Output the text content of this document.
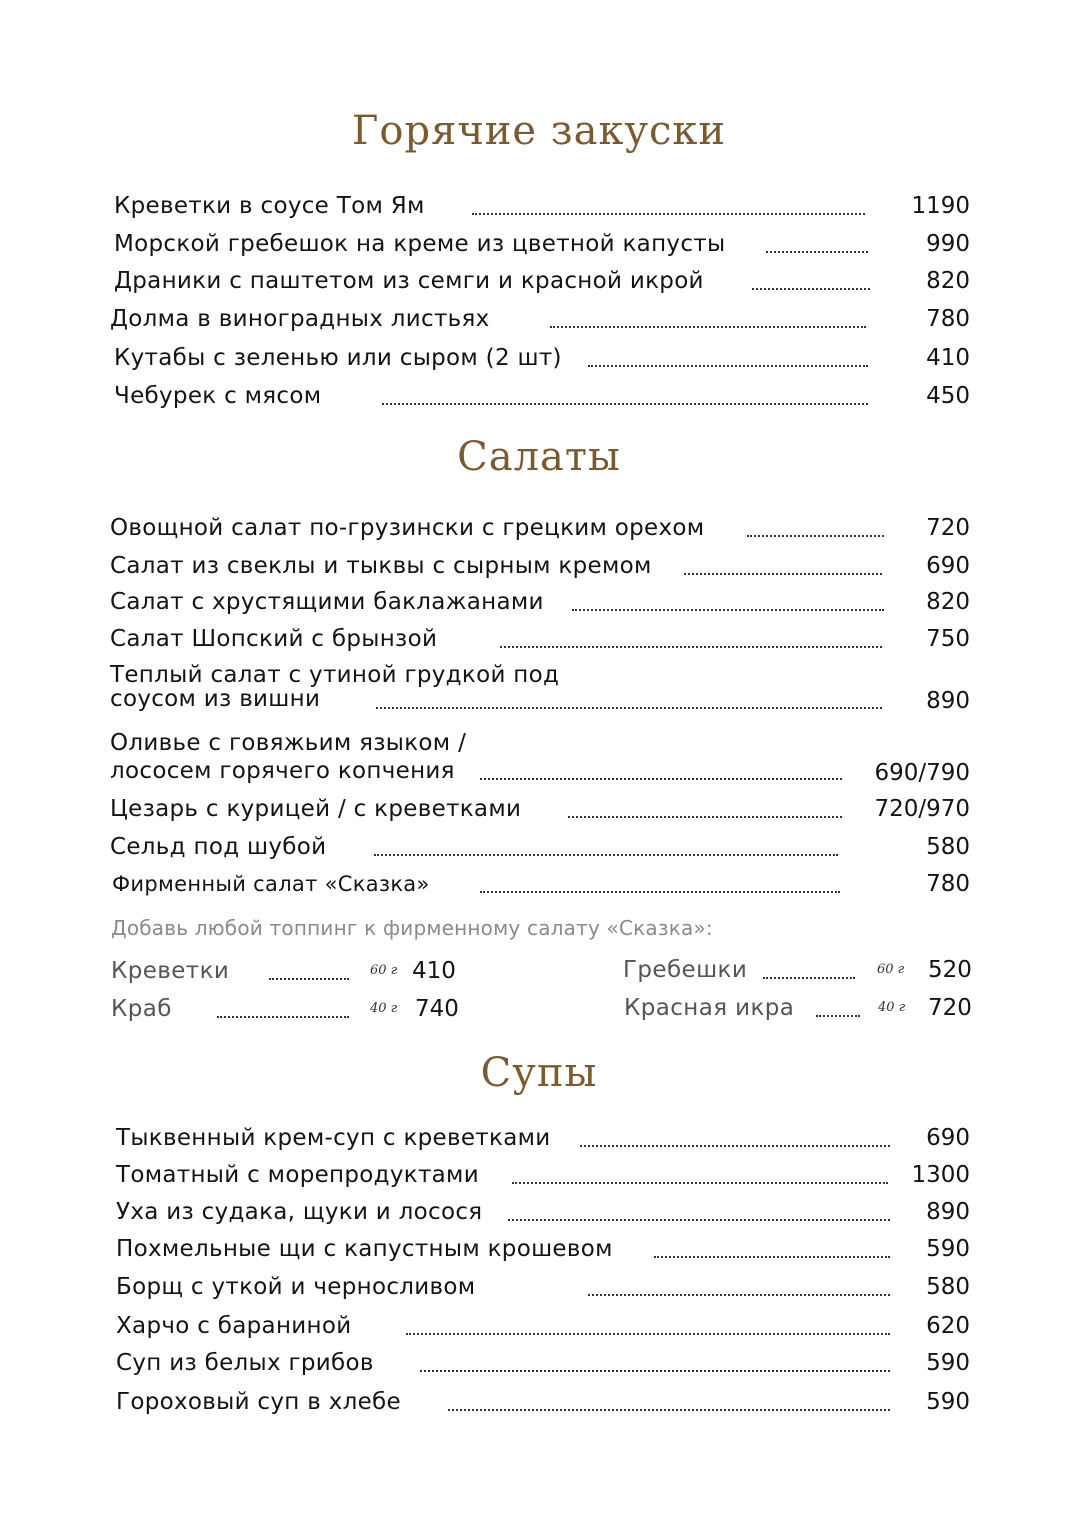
Горячие закуски
Креветки в соусе Том Ям	1190
Морской гребешок на креме из цветной капусты	990
Драники с паштетом из семги и красной икрой	820
Долма в виноградных листьях	780
Кутабы с зеленью или сыром (2 шт)	410
Чебурек с мясом	450
Салаты
Овощной салат по-грузински с грецким орехом	720
Салат из свеклы и тыквы с сырным кремом	690
Салат с хрустящими баклажанами	820
Салат Шопский с брынзой	750
Теплый салат с утиной грудкой под
соусом из вишни	890
Оливье с говяжьим языком /
лососем горячего копчения	690/790
Цезарь с курицей / с креветками	720/970
Сельд под шубой	580
Фирменный салат «Сказка»	780
Добавь любой топпинг к фирменному салату «Сказка»:
Креветки	60 г 410	Гребешки	60 г 520
Краб	40 г 740	Красная икра	40 г 720
Супы
Тыквенный крем-суп с креветками	690
Томатный с морепродуктами	1300
Уха из судака, щуки и лосося	890
Похмельные щи с капустным крошевом	590
Борщ с уткой и черносливом	580
Харчо с бараниной	620
Суп из белых грибов	590
Гороховый суп в хлебе	590
